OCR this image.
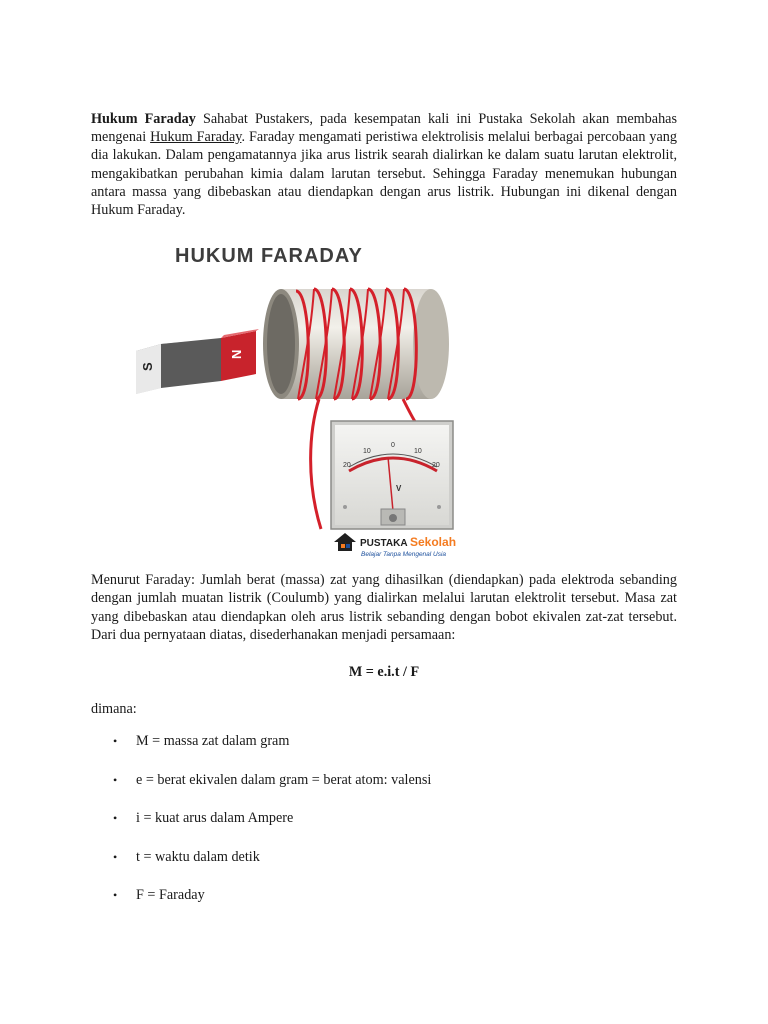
Hukum Faraday Sahabat Pustakers, pada kesempatan kali ini Pustaka Sekolah akan membahas mengenai Hukum Faraday. Faraday mengamati peristiwa elektrolisis melalui berbagai percobaan yang dia lakukan. Dalam pengamatannya jika arus listrik searah dialirkan ke dalam suatu larutan elektrolit, mengakibatkan perubahan kimia dalam larutan tersebut. Sehingga Faraday menemukan hubungan antara massa yang dibebaskan atau diendapkan dengan arus listrik. Hubungan ini dikenal dengan Hukum Faraday.

HUKUM FARADAY
S
N
20
10
0
10
20
V
PUSTAKA Sekolah
Belajar Tanpa Mengenal Usia

Menurut Faraday: Jumlah berat (massa) zat yang dihasilkan (diendapkan) pada elektroda sebanding dengan jumlah muatan listrik (Coulumb) yang dialirkan melalui larutan elektrolit tersebut. Masa zat yang dibebaskan atau diendapkan oleh arus listrik sebanding dengan bobot ekivalen zat-zat tersebut. Dari dua pernyataan diatas, disederhanakan menjadi persamaan:

M = e.i.t / F
dimana:
• M = massa zat dalam gram
• e = berat ekivalen dalam gram = berat atom: valensi
• i = kuat arus dalam Ampere
• t = waktu dalam detik
• F = Faraday
